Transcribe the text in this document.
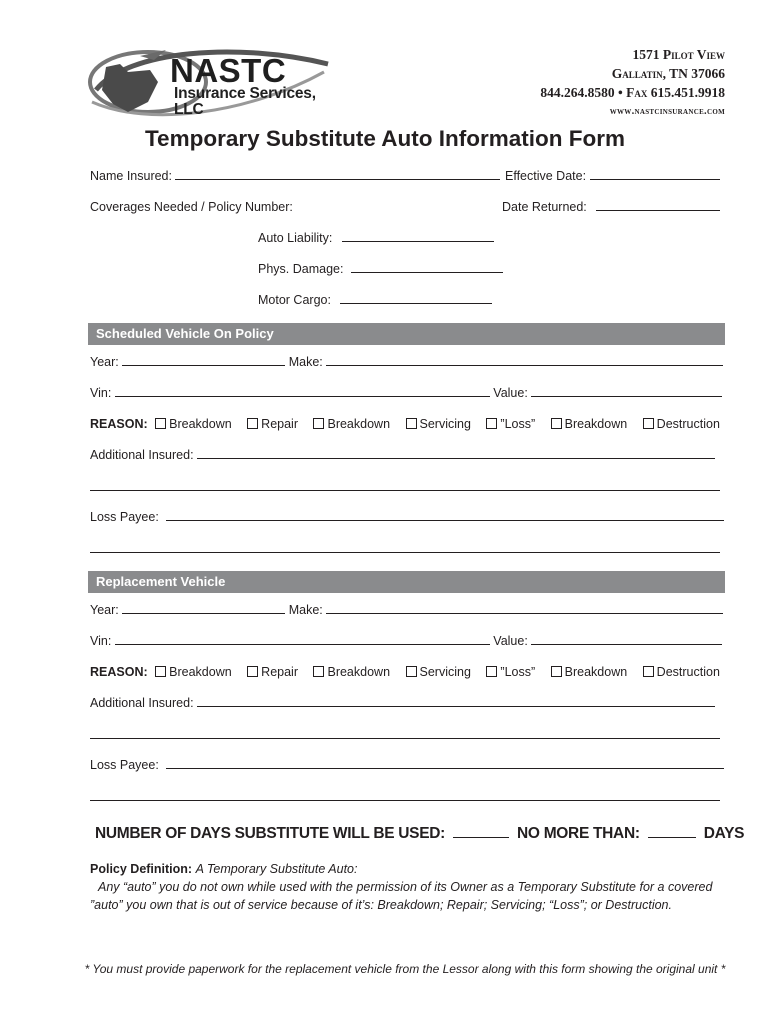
NASTC
Insurance Services, LLC
1571 Pilot View
Gallatin, TN 37066
844.264.8580 • Fax 615.451.9918
www.nastcinsurance.com
Temporary Substitute Auto Information Form
Name Insured:	Effective Date:
Coverages Needed / Policy Number:	Date Returned:
Auto Liability:
Phys. Damage:
Motor Cargo:
Scheduled Vehicle On Policy
Year:	Make:
Vin:	Value:
REASON: Breakdown Repair Breakdown Servicing ”Loss” Breakdown Destruction
Additional Insured:
Loss Payee:
Replacement Vehicle
Year:	Make:
Vin:	Value:
REASON: Breakdown Repair Breakdown Servicing ”Loss” Breakdown Destruction
Additional Insured:
Loss Payee:
NUMBER OF DAYS SUBSTITUTE WILL BE USED:	NO MORE THAN:	DAYS
Policy Definition: A Temporary Substitute Auto:
Any “auto” you do not own while used with the permission of its Owner as a Temporary Substitute for a covered ”auto” you own that is out of service because of it’s: Breakdown; Repair; Servicing; “Loss”; or Destruction.
* You must provide paperwork for the replacement vehicle from the Lessor along with this form showing the original unit *
